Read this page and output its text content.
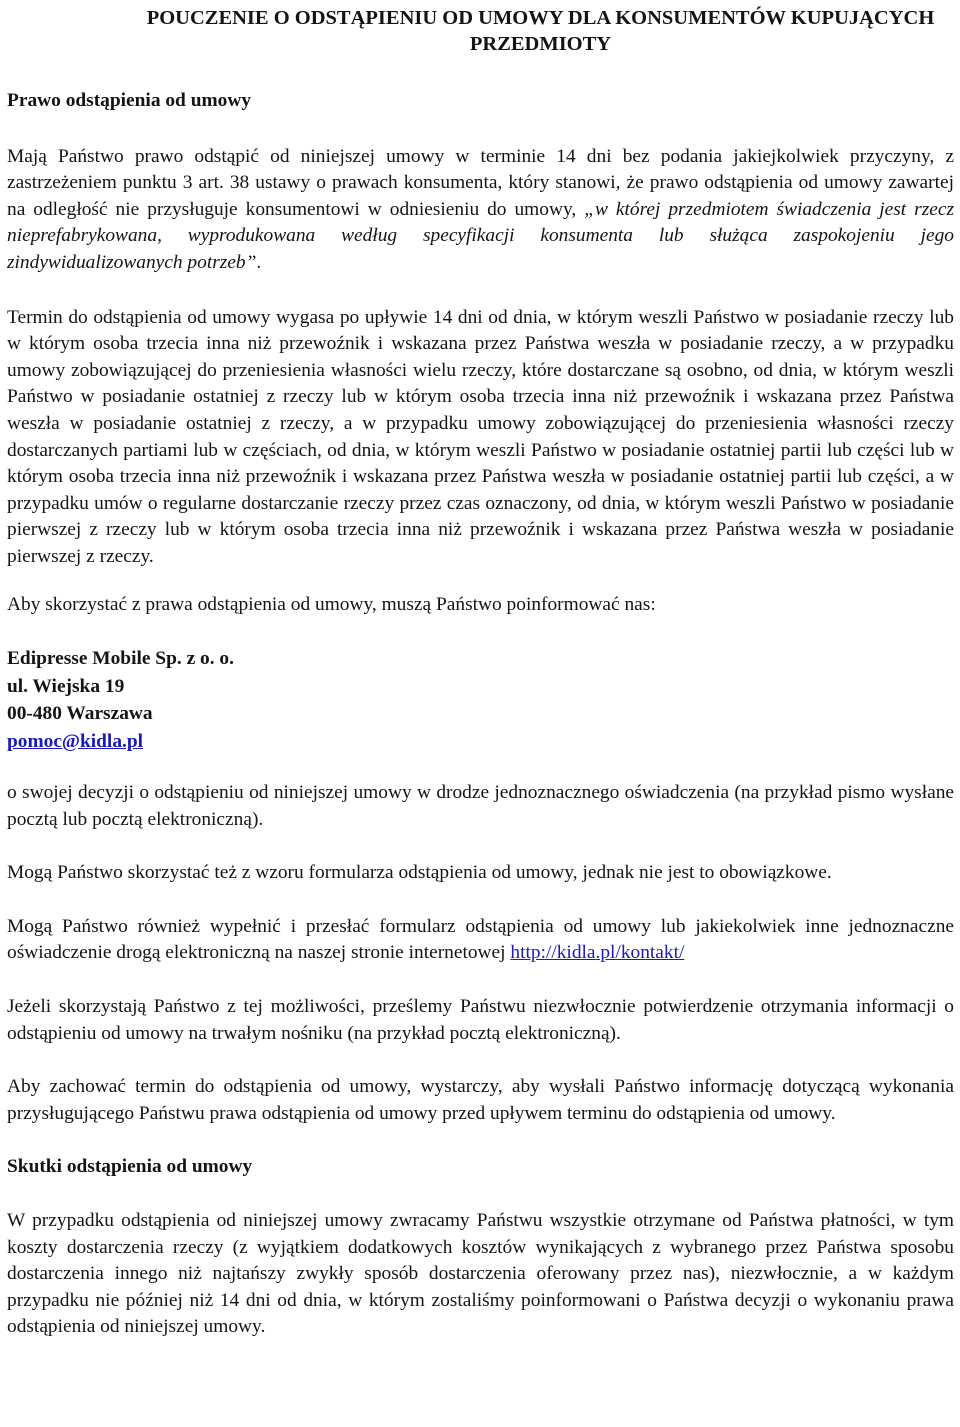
POUCZENIE O ODSTĄPIENIU OD UMOWY DLA KONSUMENTÓW KUPUJĄCYCH PRZEDMIOTY
Prawo odstąpienia od umowy

Mają Państwo prawo odstąpić od niniejszej umowy w terminie 14 dni bez podania jakiejkolwiek przyczyny, z zastrzeżeniem punktu 3 art. 38 ustawy o prawach konsumenta, który stanowi, że prawo odstąpienia od umowy zawartej na odległość nie przysługuje konsumentowi w odniesieniu do umowy, „w której przedmiotem świadczenia jest rzecz nieprefabrykowana, wyprodukowana według specyfikacji konsumenta lub służąca zaspokojeniu jego zindywidualizowanych potrzeb”.

Termin do odstąpienia od umowy wygasa po upływie 14 dni od dnia, w którym weszli Państwo w posiadanie rzeczy lub w którym osoba trzecia inna niż przewoźnik i wskazana przez Państwa weszła w posiadanie rzeczy, a w przypadku umowy zobowiązującej do przeniesienia własności wielu rzeczy, które dostarczane są osobno, od dnia, w którym weszli Państwo w posiadanie ostatniej z rzeczy lub w którym osoba trzecia inna niż przewoźnik i wskazana przez Państwa weszła w posiadanie ostatniej z rzeczy, a w przypadku umowy zobowiązującej do przeniesienia własności rzeczy dostarczanych partiami lub w częściach, od dnia, w którym weszli Państwo w posiadanie ostatniej partii lub części lub w którym osoba trzecia inna niż przewoźnik i wskazana przez Państwa weszła w posiadanie ostatniej partii lub części, a w przypadku umów o regularne dostarczanie rzeczy przez czas oznaczony, od dnia, w którym weszli Państwo w posiadanie pierwszej z rzeczy lub w którym osoba trzecia inna niż przewoźnik i wskazana przez Państwa weszła w posiadanie pierwszej z rzeczy.

Aby skorzystać z prawa odstąpienia od umowy, muszą Państwo poinformować nas:

Edipresse Mobile Sp. z o. o.
ul. Wiejska 19
00-480 Warszawa
pomoc@kidla.pl

o swojej decyzji o odstąpieniu od niniejszej umowy w drodze jednoznacznego oświadczenia (na przykład pismo wysłane pocztą lub pocztą elektroniczną).

Mogą Państwo skorzystać też z wzoru formularza odstąpienia od umowy, jednak nie jest to obowiązkowe.

Mogą Państwo również wypełnić i przesłać formularz odstąpienia od umowy lub jakiekolwiek inne jednoznaczne oświadczenie drogą elektroniczną na naszej stronie internetowej http://kidla.pl/kontakt/

Jeżeli skorzystają Państwo z tej możliwości, prześlemy Państwu niezwłocznie potwierdzenie otrzymania informacji o odstąpieniu od umowy na trwałym nośniku (na przykład pocztą elektroniczną).

Aby zachować termin do odstąpienia od umowy, wystarczy, aby wysłali Państwo informację dotyczącą wykonania przysługującego Państwu prawa odstąpienia od umowy przed upływem terminu do odstąpienia od umowy.

Skutki odstąpienia od umowy

W przypadku odstąpienia od niniejszej umowy zwracamy Państwu wszystkie otrzymane od Państwa płatności, w tym koszty dostarczenia rzeczy (z wyjątkiem dodatkowych kosztów wynikających z wybranego przez Państwa sposobu dostarczenia innego niż najtańszy zwykły sposób dostarczenia oferowany przez nas), niezwłocznie, a w każdym przypadku nie później niż 14 dni od dnia, w którym zostaliśmy poinformowani o Państwa decyzji o wykonaniu prawa odstąpienia od niniejszej umowy.
